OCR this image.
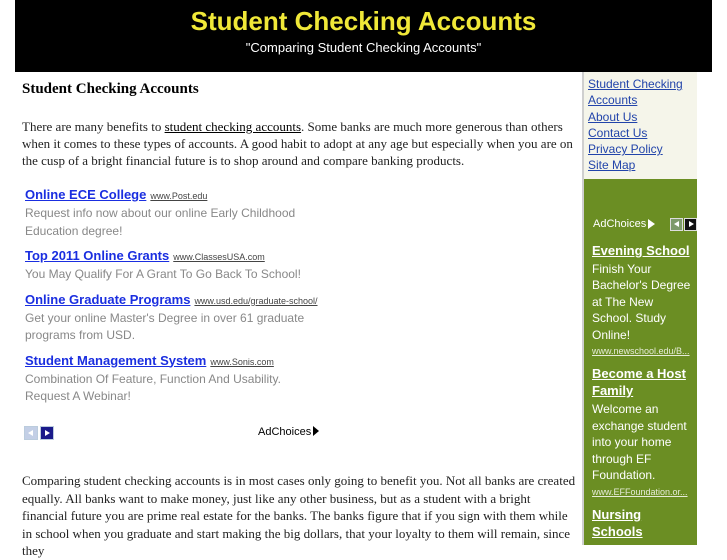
Student Checking Accounts
"Comparing Student Checking Accounts"
Student Checking Accounts

There are many benefits to student checking accounts. Some banks are much more generous than others when it comes to these types of accounts. A good habit to adopt at any age but especially when you are on the cusp of a bright financial future is to shop around and compare banking products.

Online ECE College www.Post.edu
Request info now about our online Early Childhood Education degree!
Top 2011 Online Grants www.ClassesUSA.com
You May Qualify For A Grant To Go Back To School!
Online Graduate Programs www.usd.edu/graduate-school/
Get your online Master's Degree in over 61 graduate programs from USD.
Student Management System www.Sonis.com
Combination Of Feature, Function And Usability. Request A Webinar!
AdChoices

Comparing student checking accounts is in most cases only going to benefit you. Not all banks are created equally. All banks want to make money, just like any other business, but as a student with a bright financial future you are prime real estate for the banks. The banks figure that if you sign with them while in school when you graduate and start making the big dollars, that your loyalty to them will remain, since they

Student Checking
Accounts
About Us
Contact Us
Privacy Policy
Site Map
AdChoices
Evening School
Finish Your Bachelor's Degree at The New School. Study Online!
www.newschool.edu/B...
Become a Host Family
Welcome an exchange student into your home through EF Foundation.
www.EFFoundation.or...
Nursing Schools
